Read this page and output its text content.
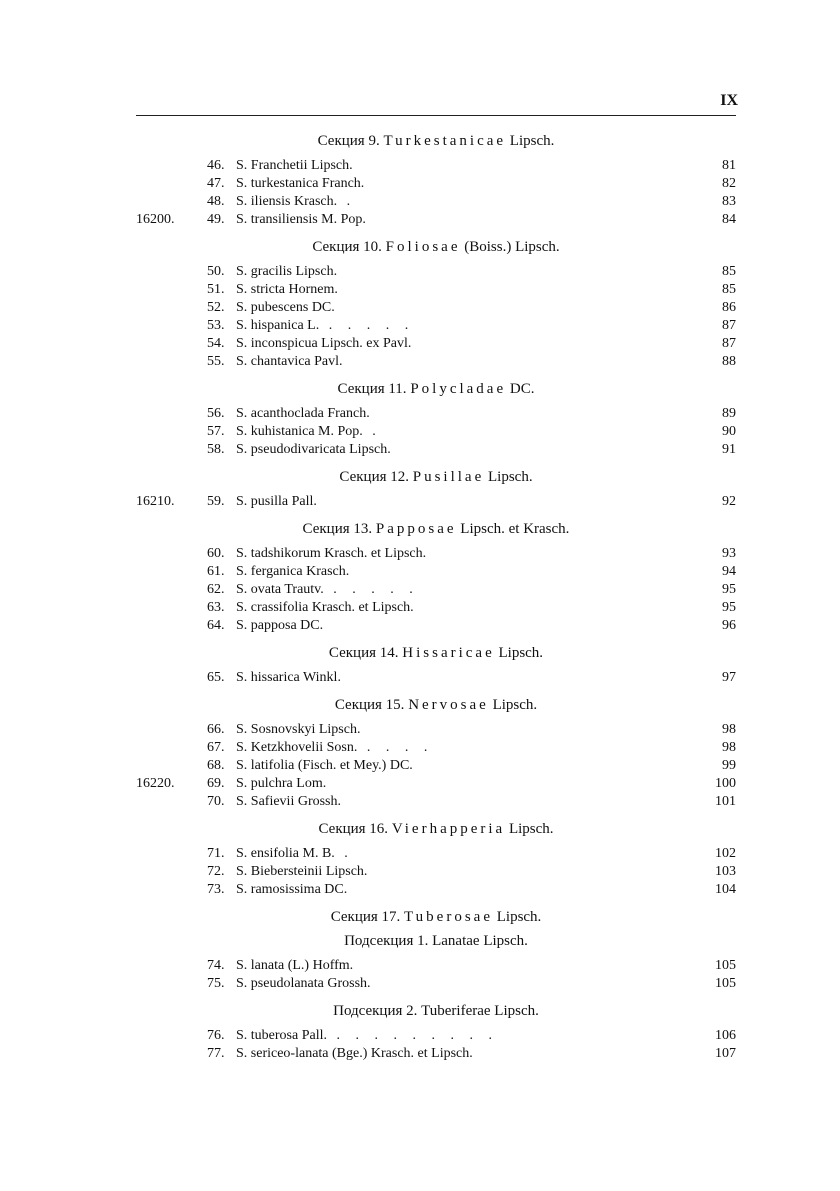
IX
Секция 9. Turkestanicae Lipsch.
46. S. Franchetii Lipsch.	81
47. S. turkestanica Franch.	82
48. S. iliensis Krasch. .	83
16200. 49. S. transiliensis M. Pop.	84
Секция 10. Foliosae (Boiss.) Lipsch.
50. S. gracilis Lipsch.	85
51. S. stricta Hornem.	85
52. S. pubescens DC.	86
53. S. hispanica L. . . . . .	87
54. S. inconspicua Lipsch. ex Pavl.	87
55. S. chantavica Pavl.	88
Секция 11. Polycladae DC.
56. S. acanthoclada Franch.	89
57. S. kuhistanica M. Pop. .	90
58. S. pseudodivaricata Lipsch.	91
Секция 12. Pusillae Lipsch.
16210. 59. S. pusilla Pall.	92
Секция 13. Papposae Lipsch. et Krasch.
60. S. tadshikorum Krasch. et Lipsch.	93
61. S. ferganica Krasch.	94
62. S. ovata Trautv. . . . . .	95
63. S. crassifolia Krasch. et Lipsch.	95
64. S. papposa DC.	96
Секция 14. Hissaricae Lipsch.
65. S. hissarica Winkl.	97
Секция 15. Nervosae Lipsch.
66. S. Sosnovskyi Lipsch.	98
67. S. Ketzkhovelii Sosn. . . . .	98
68. S. latifolia (Fisch. et Mey.) DC.	99
16220. 69. S. pulchra Lom.	100
70. S. Safievii Grossh.	101
Секция 16. Vierhapperia Lipsch.
71. S. ensifolia M. B. .	102
72. S. Biebersteinii Lipsch.	103
73. S. ramosissima DC.	104
Секция 17. Tuberosae Lipsch.
Подсекция 1. Lanatae Lipsch.
74. S. lanata (L.) Hoffm.	105
75. S. pseudolanata Grossh.	105
Подсекция 2. Tuberiferae Lipsch.
76. S. tuberosa Pall. . . . . . . . . .	106
77. S. sericeo-lanata (Bge.) Krasch. et Lipsch.	107
